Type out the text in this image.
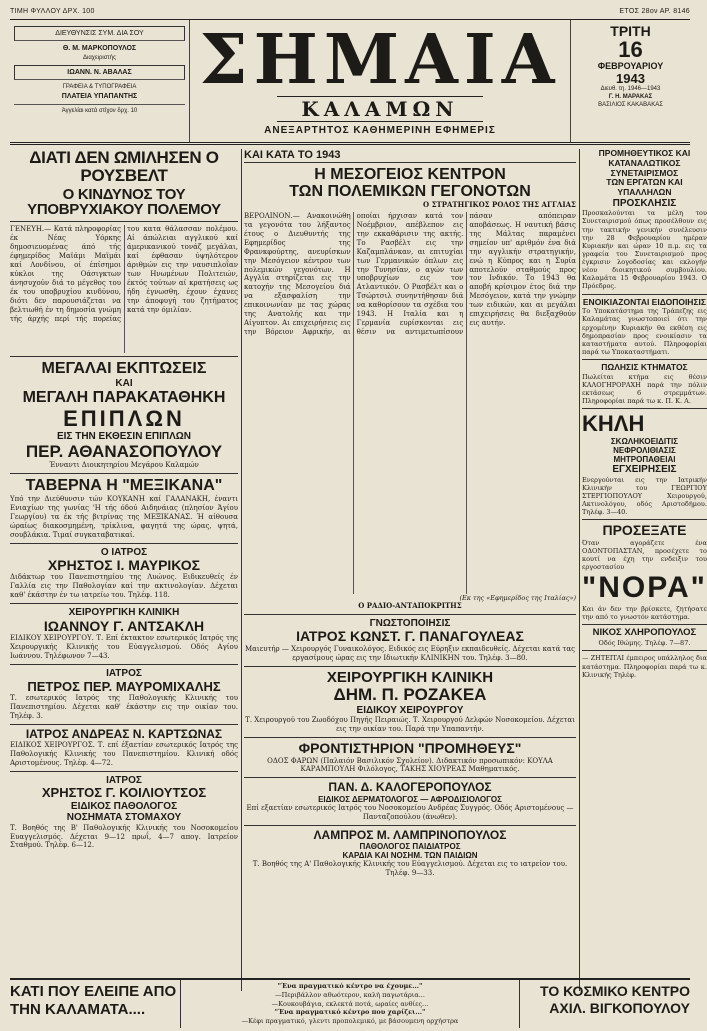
ΤΙΜΗ ΦΥΛΛΟΥ ΔΡΧ. 100	ΕΤΟΣ 28ον ΑΡ. 8146
ΔΙΕΥΘΥΝΣΙΣ ΣΥΜ. ΔΙΑ ΣΟΥ
Θ. Μ. ΜΑΡΚΟΠΟΥΛΟΣ
Διαχειριστής
ΙΩΑΝΝ. Ν. ΑΒΑΛΑΣ
ΓΡΑΦΕΙΑ & ΤΥΠΟΓΡΑΦΕΙΑ
ΠΛΑΤΕΙΑ ΥΠΑΠΑΝΤΗΣ
Άγγελίαι κατά στίχον δρχ. 10
ΣΗΜΑΙΑ
ΚΑΛΑΜΩΝ
ΑΝΕΞΑΡΤΗΤΟΣ ΚΑΘΗΜΕΡΙΝΗ ΕΦΗΜΕΡΙΣ
ΤΡΙΤΗ
16
ΦΕΒΡΟΥΑΡΙΟΥ
1943
Διευθ. τη. 1946—1943
Γ. Η. ΜΑΡΑΚΑΣ
ΒΑΣΙΛΙΟΣ ΚΑΚΑΒΑΚΑΣ
ΔΙΑΤΙ ΔΕΝ ΩΜΙΛΗΣΕΝ Ο ΡΟΥΣΒΕΛΤ
Ο ΚΙΝΔΥΝΟΣ ΤΟΥ ΥΠΟΒΡΥΧΙΑΚΟΥ ΠΟΛΕΜΟΥ
ΓΕΝΕΥΗ.— Κατά πληροφορίας έκ Νέας Υόρκης δημοσιευομένας άπό τής έφημερίδος Μαϊάμι Μαϊμάι καί Λονδίνου, οί έπίσημοι κύκλοι της Οάσιγκτων άνησυχούν διά το μέγεθος του έκ του υποβρυχίου κινδύνου, διότι δεν παρουσιάζεται να βελτιωθή έν τη δημοσία γνώμη τής άρχής περί τής πορείας του κατα θάλασσαν πολέμου. Αί άπώλειαι αγγλικού καί άμερικανικού τονάζ μεγάλαι, καί έφθασαν ύψηλότερον άριθμών εις την ναυσιπλοΐαν των Ηνωμένων Πολιτειών, έκτός τούτων αί κρατήσεις ως ήδη έγνωσθη, έχουν έχανες την άποφυγή του ζητήματος κατά την όμιλίαν.
ΜΕΓΑΛΑΙ ΕΚΠΤΩΣΕΙΣ
ΚΑΙ
ΜΕΓΑΛΗ ΠΑΡΑΚΑΤΑΘΗΚΗ
ΕΠΙΠΛΩΝ
ΕΙΣ ΤΗΝ ΕΚΘΕΣΙΝ ΕΠΙΠΛΩΝ
ΠΕΡ. ΑΘΑΝΑΣΟΠΟΥΛΟΥ
Ένναντι Διοικητηρίου Μεγάρου Καλαμών
ΤΑΒΕΡΝΑ Η "ΜΕΞΙΚΑΝΑ"
Υπό την Διεύθυνσιν τών ΚΟΥΚΑΝΗ καί ΓΑΛΑΝΑΚΗ, έναντι Ενιαχίων της γωνίας 'Η τής όδού Αιδηνάιας (πλησίον Άγίου Γεωργίου) τα έκ τής βιτρίνας της ΜΕΞΙΚΑΝΑΣ. Ή αίθουσα ώραίως διακοσμημένη, τρίκλινα, φαγητά της ώρας, ψητά, σουβλάκια. Τιμαί συγκαταβατικαί.
Ο ΙΑΤΡΟΣ
ΧΡΗΣΤΟΣ Ι. ΜΑΥΡΙΚΟΣ
Διδάκτωρ του Πανεπιστημίου της Λυώνος. Ειδικευθείς έν Γαλλία εις την Παθολογίαν καί την ακτινολογίαν. Δέχεται καθ' έκάστην έν τω ιατρείω του. Τηλέφ. 118.
ΧΕΙΡΟΥΡΓΙΚΗ ΚΛΙΝΙΚΗ
ΙΩΑΝΝΟΥ Γ. ΑΝΤΣΑΚΛΗ
ΕΙΔΙΚΟΥ ΧΕΙΡΟΥΡΓΟΥ. Τ. Επί έκτακτον εσωτερικός Ιατρός της Χειρουργικής Κλινικής του Εύαγγελισμού. Οδός Αγίου Ιωάννου. Τηλέφωνον 7—43.
ΙΑΤΡΟΣ
ΠΕΤΡΟΣ ΠΕΡ. ΜΑΥΡΟΜΙΧΑΛΗΣ
Τ. εσωτερικός Ιατρός της Παθολογικής Κλινικής του Πανεπιστημίου. Δέχεται καθ' έκάστην εις την οικίαν του. Τηλέφ. 3.
ΙΑΤΡΟΣ ΑΝΔΡΕΑΣ Ν. ΚΑΡΤΣΩΝΑΣ
ΕΙΔΙΚΟΣ ΧΕΙΡΟΥΡΓΟΣ. Τ. επί έξαετίαν εσωτερικός Ιατρός της Παθολογικής Κλινικής του Πανεπιστημίου. Κλινική οδός Αριστομένους. Τηλέφ. 4—72.
ΙΑΤΡΟΣ
ΧΡΗΣΤΟΣ Γ. ΚΟΙΛΙΟΥΤΣΟΣ
ΕΙΔΙΚΟΣ ΠΑΘΟΛΟΓΟΣ
ΝΟΣΗΜΑΤΑ ΣΤΟΜΑΧΟΥ
Τ. Βοηθός της Β' Παθολογικής Κλινικής του Νοσοκομείου Ευαγγελισμός. Δέχεται 9—12 πρωΐ, 4—7 απογ. Ιατρείον Σταθμού. Τηλέφ. 6—12.
ΚΑΙ ΚΑΤΑ ΤΟ 1943
Η ΜΕΣΟΓΕΙΟΣ ΚΕΝΤΡΟΝ
ΤΩΝ ΠΟΛΕΜΙΚΩΝ ΓΕΓΟΝΟΤΩΝ
Ο ΣΤΡΑΤΗΓΙΚΟΣ ΡΟΛΟΣ ΤΗΣ ΑΓΓΛΙΑΣ
ΒΕΡΟΛΙΝΟΝ.— Ανακοινώθη τα γεγονότα του λήξαντος έτους ο Διευθυντής της Εφημερίδος της Φρανκφούρτης, ανευρίσκων την Μεσόγειον κέντρον των πολεμικών γεγονότων. Η Αγγλία στηρίζεται εις την κατοχήν της Μεσογείου διά να εξασφαλίση την επικοινωνίαν με τας χώρας της Ανατολής και την Αίγυπτον. Αι επιχειρήσεις εις την Βόρειον Αφρικήν, αι οποίαι ήρχισαν κατά τον Νοέμβριον, απέβλεπον εις την εκκαθάρισιν της ακτής. Το Ρασβέλτ εις την Καζαμπλάνκαν, αι επιτυχίαι των Γερμανικών όπλων εις την Τυνησίαν, ο αγών των υποβρυχίων εις τον Ατλαντικόν. Ο Ρασβέλτ και ο Τσώρτσιλ συνηντήθησαν διά να καθορίσουν τα σχέδια του 1943. Η Ιταλία και η Γερμανία ευρίσκονται εις θέσιν να αντιμετωπίσουν πάσαν απόπειραν αποβάσεως. Η ναυτική βάσις της Μάλτας παραμένει σημείον υπ' αριθμόν ένα διά την αγγλικήν στρατηγικήν, ενώ η Κύπρος και η Συρία αποτελούν σταθμούς προς τον Ινδικόν. Το 1943 θα αποβή κρίσιμον έτος διά την Μεσόγειον, κατά την γνώμην των ειδικών, και αι μεγάλαι επιχειρήσεις θα διεξαχθούν εις αυτήν.
(Εκ της «Εφημερίδος της Ιταλίας»)
Ο ΡΑΔΙΟ-ΑΝΤΑΠΟΚΡΙΤΗΣ
ΓΝΩΣΤΟΠΟΙΗΣΙΣ
ΙΑΤΡΟΣ ΚΩΝΣΤ. Γ. ΠΑΝΑΓΟΥΛΕΑΣ
Μαιευτήρ — Χειρουργός Γυναικολόγος. Ειδικός εις Εύρηξιν εκπαιδευθείς. Δέχεται κατά τας εργασίμους ώρας εις την Ιδιωτικήν ΚΛΙΝΙΚΗΝ του. Τηλέφ. 3—80.
ΧΕΙΡΟΥΡΓΙΚΗ ΚΛΙΝΙΚΗ
ΔΗΜ. Π. ΡΟΖΑΚΕΑ
ΕΙΔΙΚΟΥ ΧΕΙΡΟΥΡΓΟΥ
Τ. Χειρουργού του Ζωοδόχου Πηγής Πειραιώς. Τ. Χειρουργού Δελφών Νοσοκομείου. Δέχεται εις την οικίαν του. Παρά την Υπαπαντήν.
ΦΡΟΝΤΙΣΤΗΡΙΟΝ "ΠΡΟΜΗΘΕΥΣ"
ΟΔΟΣ ΦΑΡΩΝ (Παλαιόν Βασιλικόν Σχολείον). Διδακτικόν προσωπικόν: ΚΟΥΛΑ ΚΑΡΑΜΠΟΥΛΗ Φιλόλογος, ΤΑΚΗΣ ΧΙΟΥΡΕΑΣ Μαθηματικός.
ΠΑΝ. Δ. ΚΑΛΟΓΕΡΟΠΟΥΛΟΣ
ΕΙΔΙΚΟΣ ΔΕΡΜΑΤΟΛΟΓΟΣ — ΑΦΡΟΔΙΣΙΟΛΟΓΟΣ
Επί εξαετίαν εσωτερικός Ιατρός του Νοσοκομείου Ανδρέας Συγγρός. Οδός Αριστομένους — Πανταζοπούλου (άνωθεν).
ΛΑΜΠΡΟΣ Μ. ΛΑΜΠΡΙΝΟΠΟΥΛΟΣ
ΠΑΘΟΛΟΓΟΣ ΠΑΙΔΙΑΤΡΟΣ
ΚΑΡΔΙΑ ΚΑΙ ΝΟΣΗΜ. ΤΩΝ ΠΑΙΔΙΩΝ
Τ. Βοηθός της Α' Παθολογικής Κλινικής του Εύαγγελισμού. Δέχεται εις το ιατρείον του. Τηλέφ. 9—33.
ΠΡΟΜΗΘΕΥΤΙΚΟΣ ΚΑΙ ΚΑΤΑΝΑΛΩΤΙΚΟΣ ΣΥΝΕΤΑΙΡΙΣΜΟΣ
ΤΩΝ ΕΡΓΑΤΩΝ ΚΑΙ ΥΠΑΛΛΗΛΩΝ
ΠΡΟΣΚΛΗΣΙΣ
Προσκαλούνται τα μέλη του Συνεταιρισμού όπως προσέλθουν εις την τακτικήν γενικήν συνέλευσιν την 28 Φεβρουαρίου ημέραν Κυριακήν και ώραν 10 π.μ. εις τα γραφεία του Συνεταιρισμού προς έγκρισιν λογοδοσίας και εκλογήν νέου διοικητικού συμβουλίου. Καλαμάτα 15 Φεβρουαρίου 1943. Ο Πρόεδρος.
ΕΝΟΙΚΙΑΖΟΝΤΑΙ ΕΙΔΟΠΟΙΗΣΙΣ
Το Υποκατάστημα της Τράπεζης εις Καλαμάτας γνωστοποιεί ότι την ερχομένην Κυριακήν θα εκθέση εις δημοπρασίαν προς ενοικίασιν τα καταστήματα αυτού. Πληροφορίαι παρά τω Υποκαταστήματι.
ΠΩΛΗΣΙΣ ΚΤΗΜΑΤΟΣ
Πωλείται κτήμα εις θέσιν ΚΑΛΟΓΗΡΟΡΑΧΗ παρά την πόλιν εκτάσεως 6 στρεμμάτων. Πληροφορίαι παρά τω κ. Π. Κ. Α.
ΚΗΛΗ
ΣΚΩΛΗΚΟΕΙΔΙΤΙΣ ΝΕΦΡΟΛΙΘΙΑΣΙΣ ΜΗΤΡΟΠΑΘΕΙΑΙ
ΕΓΧΕΙΡΗΣΕΙΣ
Ενεργούνται εις την Ιατρικήν Κλινικήν του ΓΕΩΡΓΙΟΥ ΣΤΕΡΓΙΟΠΟΥΛΟΥ Χειρουργού, Ακτινολόγου, οδός Αριστοδήμου. Τηλέφ. 3—40.
ΠΡΟΣΕΞΑΤΕ
Όταν αγοράζετε ένα ΟΔΟΝΤΟΠΑΣΤΑΝ, προσέχετε το κουτί να έχη την ενδειξιν του εργοστασίου
"ΝΟΡΑ"
Και άν δεν την βρίσκετε, ζητήσατε την από το γνωστόν κατάστημα.
ΝΙΚΟΣ ΧΛΗΡΟΠΟΥΛΟΣ
Οδός Ιθώμης. Τηλέφ. 7—87.
— ΖΗΤΕΙΤΑΙ έμπειρος υπάλληλος δια κατάστημα. Πληροφορίαι παρά τω κ. Κλινικής Τηλέφ.
ΚΑΤΙ ΠΟΥ ΕΛΕΙΠΕ ΑΠΟ
ΤΗΝ ΚΑΛΑΜΑΤΑ....
"Ένα πραγματικό κέντρο να έχουμε..."
—Περιβάλλον αθωότερον, καλή παγωτάρια...
—Κουκουβάγια, εκλεκτά ποτά, ωραίες ανθίες...
"Ένα πραγματικό κέντρο που χαρίζει..."
—Κέφι πραγματικό, γλεντι προπολεμικό, με βάσουμενη ορχήστρα
ΤΟ ΚΟΣΜΙΚΟ ΚΕΝΤΡΟ
ΑΧΙΛ. ΒΙΓΚΟΠΟΥΛΟΥ
